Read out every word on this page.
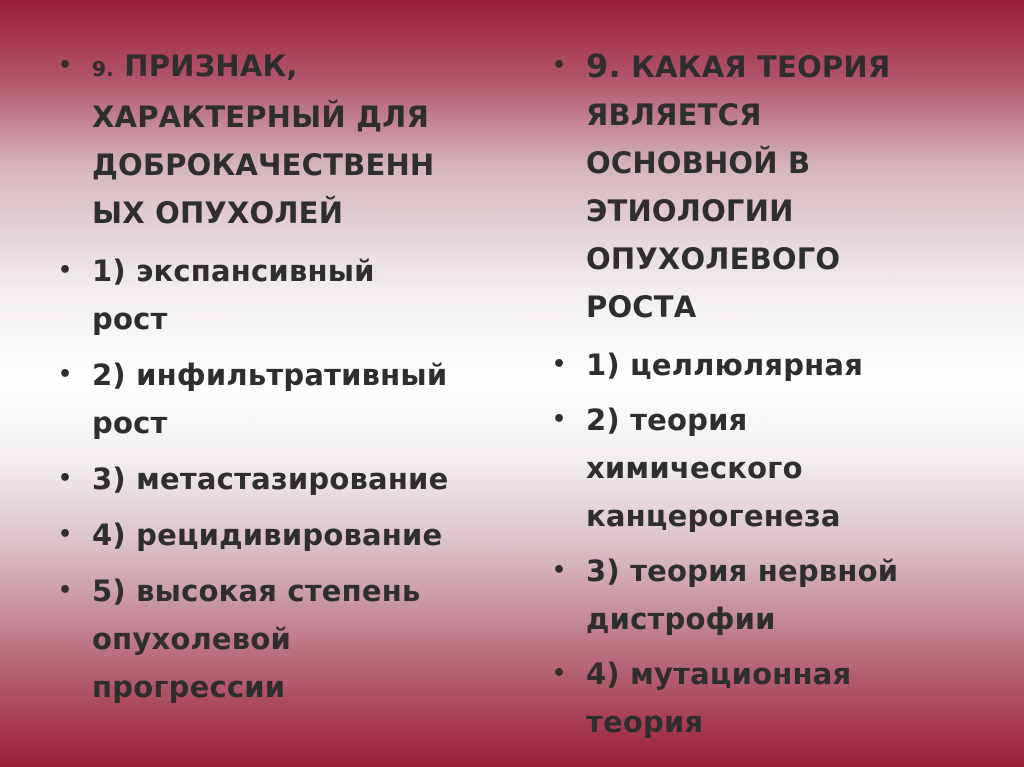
• 9. ПРИЗНАК, ХАРАКТЕРНЫЙ ДЛЯ ДОБРОКАЧЕСТВЕНН ЫХ ОПУХОЛЕЙ
• 1) экспансивный рост
• 2) инфильтративный рост
• 3) метастазирование
• 4) рецидивирование
• 5) высокая степень опухолевой прогрессии
• 9. КАКАЯ ТЕОРИЯ ЯВЛЯЕТСЯ ОСНОВНОЙ В ЭТИОЛОГИИ ОПУХОЛЕВОГО РОСТА
• 1) целлюлярная
• 2) теория химического канцерогенеза
• 3) теория нервной дистрофии
• 4) мутационная теория
